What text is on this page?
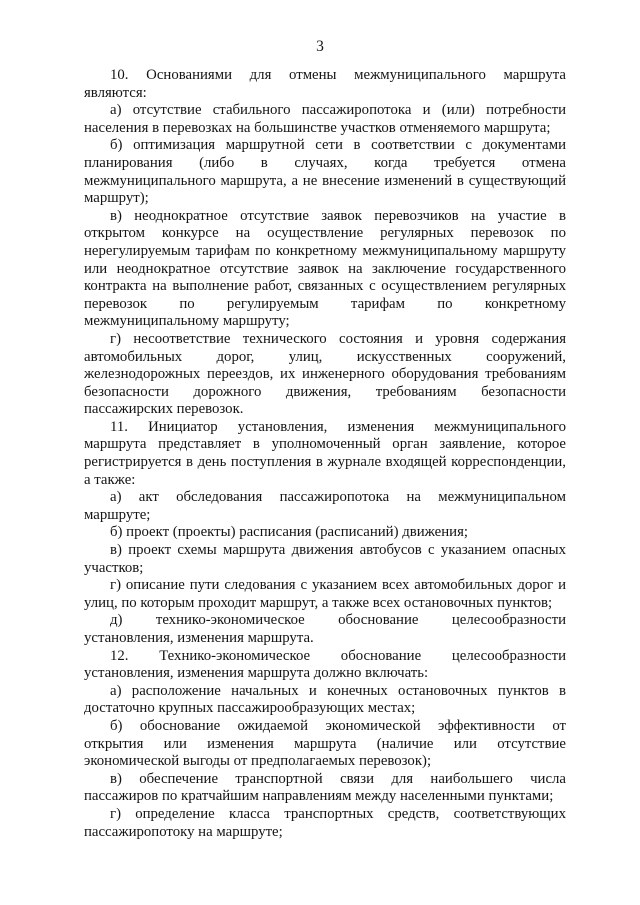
3
10. Основаниями для отмены межмуниципального маршрута
являются:
а) отсутствие стабильного пассажиропотока и (или) потребности
населения в перевозках на большинстве участков отменяемого маршрута;
б) оптимизация маршрутной сети в соответствии с документами
планирования (либо в случаях, когда требуется отмена
межмуниципального маршрута, а не внесение изменений в существующий
маршрут);
в) неоднократное отсутствие заявок перевозчиков на участие в
открытом конкурсе на осуществление регулярных перевозок по
нерегулируемым тарифам по конкретному межмуниципальному маршруту
или неоднократное отсутствие заявок на заключение государственного
контракта на выполнение работ, связанных с осуществлением регулярных
перевозок по регулируемым тарифам по конкретному
межмуниципальному маршруту;
г) несоответствие технического состояния и уровня содержания
автомобильных дорог, улиц, искусственных сооружений,
железнодорожных переездов, их инженерного оборудования требованиям
безопасности дорожного движения, требованиям безопасности
пассажирских перевозок.
11. Инициатор установления, изменения межмуниципального
маршрута представляет в уполномоченный орган заявление, которое
регистрируется в день поступления в журнале входящей корреспонденции,
а также:
а) акт обследования пассажиропотока на межмуниципальном
маршруте;
б) проект (проекты) расписания (расписаний) движения;
в) проект схемы маршрута движения автобусов с указанием опасных
участков;
г) описание пути следования с указанием всех автомобильных дорог и
улиц, по которым проходит маршрут, а также всех остановочных пунктов;
д) технико-экономическое обоснование целесообразности
установления, изменения маршрута.
12. Технико-экономическое обоснование целесообразности
установления, изменения маршрута должно включать:
а) расположение начальных и конечных остановочных пунктов в
достаточно крупных пассажирообразующих местах;
б) обоснование ожидаемой экономической эффективности от
открытия или изменения маршрута (наличие или отсутствие
экономической выгоды от предполагаемых перевозок);
в) обеспечение транспортной связи для наибольшего числа
пассажиров по кратчайшим направлениям между населенными пунктами;
г) определение класса транспортных средств, соответствующих
пассажиропотоку на маршруте;
